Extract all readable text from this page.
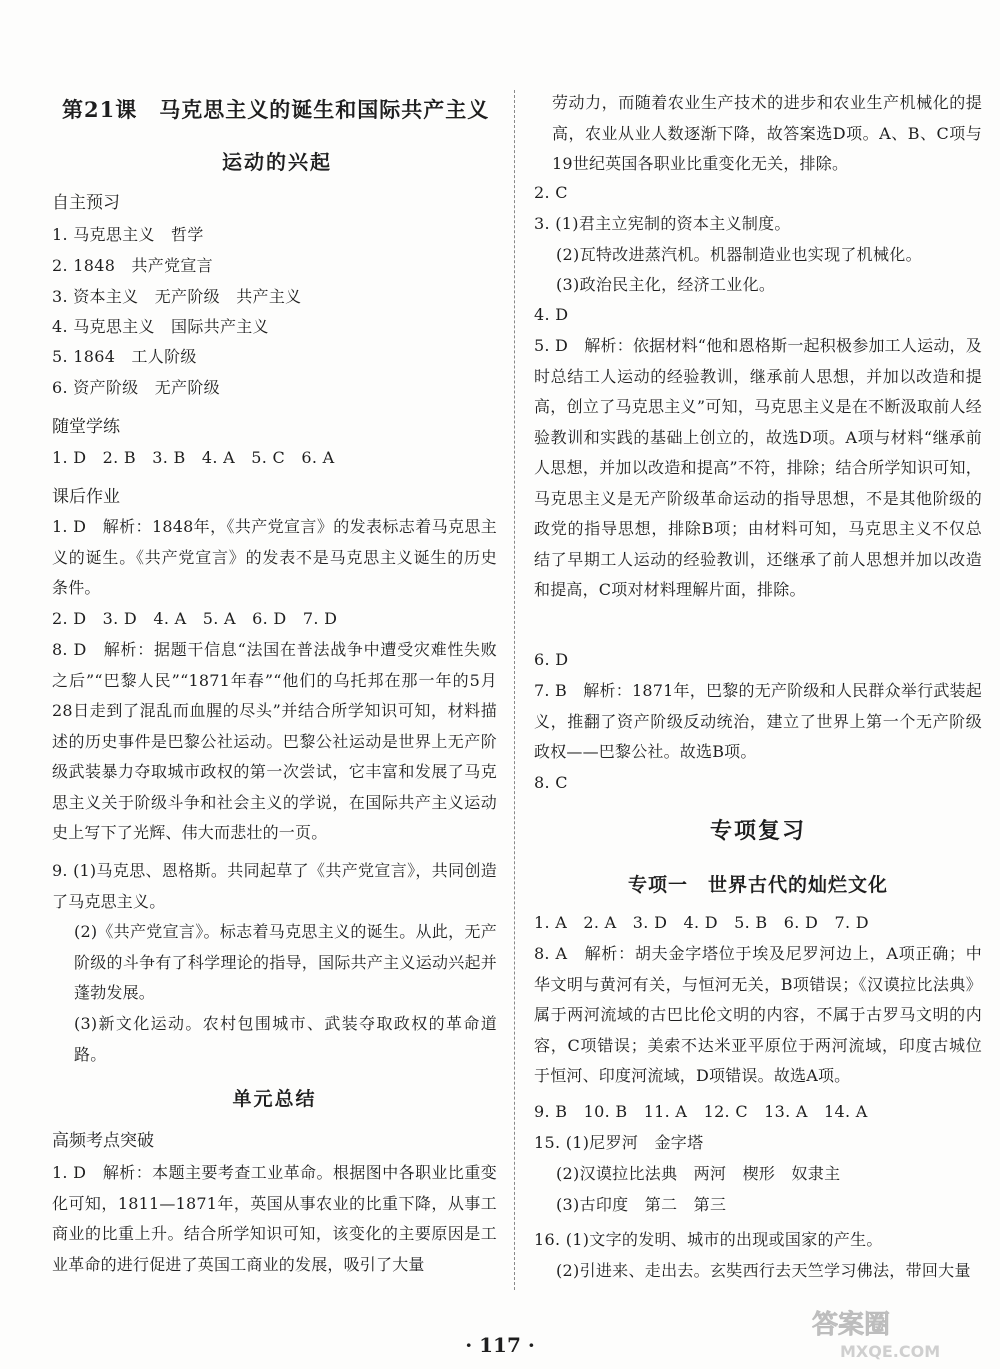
第21课　马克思主义的诞生和国际共产主义
运动的兴起
自主预习
1. 马克思主义　哲学
2. 1848　共产党宣言
3. 资本主义　无产阶级　共产主义
4. 马克思主义　国际共产主义
5. 1864　工人阶级
6. 资产阶级　无产阶级
随堂学练
1. D　2. B　3. B　4. A　5. C　6. A
课后作业
1. D　解析：1848年，《共产党宣言》的发表标志着马克思主义的诞生。《共产党宣言》的发表不是马克思主义诞生的历史条件。
2. D　3. D　4. A　5. A　6. D　7. D
8. D　解析：据题干信息“法国在普法战争中遭受灾难性失败之后”“巴黎人民”“1871年春”“他们的乌托邦在那一年的5月28日走到了混乱而血腥的尽头”并结合所学知识可知，材料描述的历史事件是巴黎公社运动。巴黎公社运动是世界上无产阶级武装暴力夺取城市政权的第一次尝试，它丰富和发展了马克思主义关于阶级斗争和社会主义的学说，在国际共产主义运动史上写下了光辉、伟大而悲壮的一页。
9. (1)马克思、恩格斯。共同起草了《共产党宣言》，共同创造了马克思主义。
(2)《共产党宣言》。标志着马克思主义的诞生。从此，无产阶级的斗争有了科学理论的指导，国际共产主义运动兴起并蓬勃发展。
(3)新文化运动。农村包围城市、武装夺取政权的革命道路。
单元总结
高频考点突破
1. D　解析：本题主要考查工业革命。根据图中各职业比重变化可知，1811—1871年，英国从事农业的比重下降，从事工商业的比重上升。结合所学知识可知，该变化的主要原因是工业革命的进行促进了英国工商业的发展，吸引了大量
劳动力，而随着农业生产技术的进步和农业生产机械化的提高，农业从业人数逐渐下降，故答案选D项。A、B、C项与19世纪英国各职业比重变化无关，排除。
2. C
3. (1)君主立宪制的资本主义制度。
(2)瓦特改进蒸汽机。机器制造业也实现了机械化。
(3)政治民主化，经济工业化。
4. D
5. D　解析：依据材料“他和恩格斯一起积极参加工人运动，及时总结工人运动的经验教训，继承前人思想，并加以改造和提高，创立了马克思主义”可知，马克思主义是在不断汲取前人经验教训和实践的基础上创立的，故选D项。A项与材料“继承前人思想，并加以改造和提高”不符，排除；结合所学知识可知，马克思主义是无产阶级革命运动的指导思想，不是其他阶级的政党的指导思想，排除B项；由材料可知，马克思主义不仅总结了早期工人运动的经验教训，还继承了前人思想并加以改造和提高，C项对材料理解片面，排除。
6. D
7. B　解析：1871年，巴黎的无产阶级和人民群众举行武装起义，推翻了资产阶级反动统治，建立了世界上第一个无产阶级政权——巴黎公社。故选B项。
8. C
专项复习
专项一　世界古代的灿烂文化
1. A　2. A　3. D　4. D　5. B　6. D　7. D
8. A　解析：胡夫金字塔位于埃及尼罗河边上，A项正确；中华文明与黄河有关，与恒河无关，B项错误；《汉谟拉比法典》属于两河流域的古巴比伦文明的内容，不属于古罗马文明的内容，C项错误；美索不达米亚平原位于两河流域，印度古城位于恒河、印度河流域，D项错误。故选A项。
9. B　10. B　11. A　12. C　13. A　14. A
15. (1)尼罗河　金字塔
(2)汉谟拉比法典　两河　楔形　奴隶主
(3)古印度　第二　第三
16. (1)文字的发明、城市的出现或国家的产生。
(2)引进来、走出去。玄奘西行去天竺学习佛法，带回大量
· 117 ·
答案圈
MXQE.COM
